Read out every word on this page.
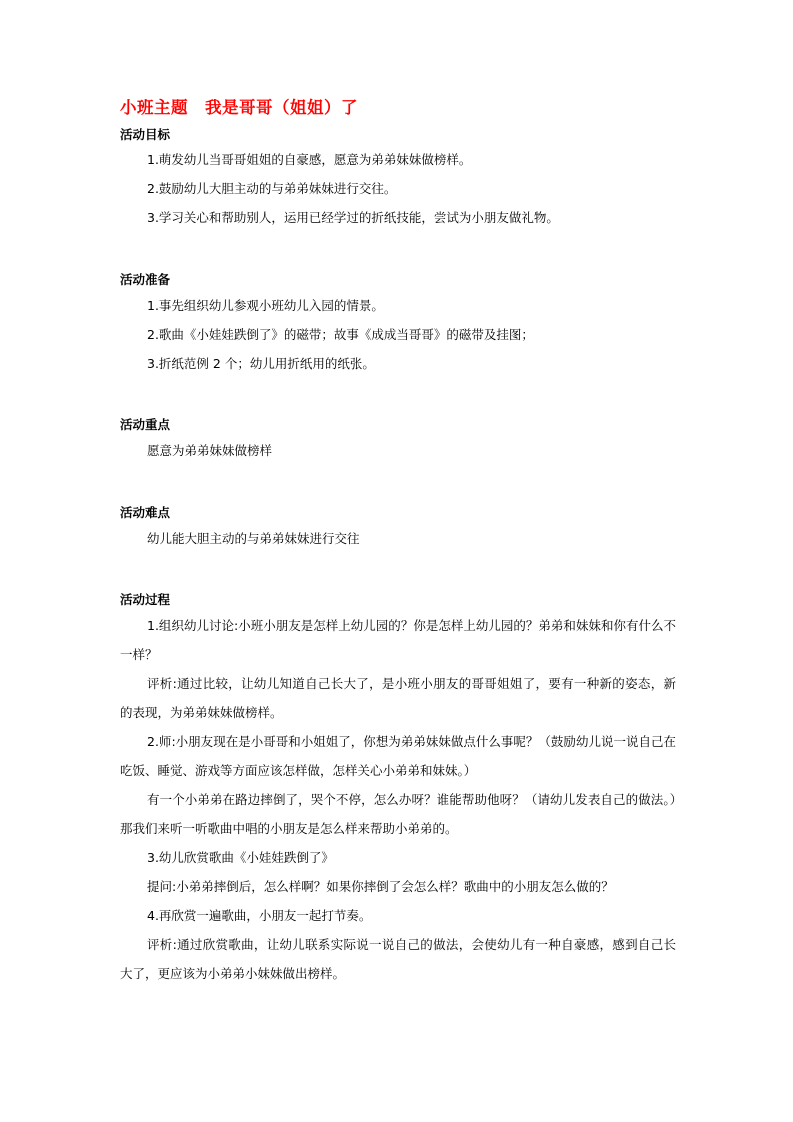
小班主题　我是哥哥（姐姐）了
活动目标
1.萌发幼儿当哥哥姐姐的自豪感，愿意为弟弟妹妹做榜样。
2.鼓励幼儿大胆主动的与弟弟妹妹进行交往。
3.学习关心和帮助别人，运用已经学过的折纸技能，尝试为小朋友做礼物。
活动准备
1.事先组织幼儿参观小班幼儿入园的情景。
2.歌曲《小娃娃跌倒了》的磁带；故事《成成当哥哥》的磁带及挂图；
3.折纸范例 2 个；幼儿用折纸用的纸张。
活动重点
愿意为弟弟妹妹做榜样
活动难点
幼儿能大胆主动的与弟弟妹妹进行交往
活动过程
1.组织幼儿讨论:小班小朋友是怎样上幼儿园的？你是怎样上幼儿园的？弟弟和妹妹和你有什么不一样？
评析:通过比较，让幼儿知道自己长大了，是小班小朋友的哥哥姐姐了，要有一种新的姿态，新的表现，为弟弟妹妹做榜样。
2.师:小朋友现在是小哥哥和小姐姐了，你想为弟弟妹妹做点什么事呢？（鼓励幼儿说一说自己在吃饭、睡觉、游戏等方面应该怎样做，怎样关心小弟弟和妹妹。）
有一个小弟弟在路边摔倒了，哭个不停，怎么办呀？谁能帮助他呀？（请幼儿发表自己的做法。）那我们来听一听歌曲中唱的小朋友是怎么样来帮助小弟弟的。
3.幼儿欣赏歌曲《小娃娃跌倒了》
提问:小弟弟摔倒后，怎么样啊？如果你摔倒了会怎么样？歌曲中的小朋友怎么做的？
4.再欣赏一遍歌曲，小朋友一起打节奏。
评析:通过欣赏歌曲，让幼儿联系实际说一说自己的做法，会使幼儿有一种自豪感，感到自己长大了，更应该为小弟弟小妹妹做出榜样。
